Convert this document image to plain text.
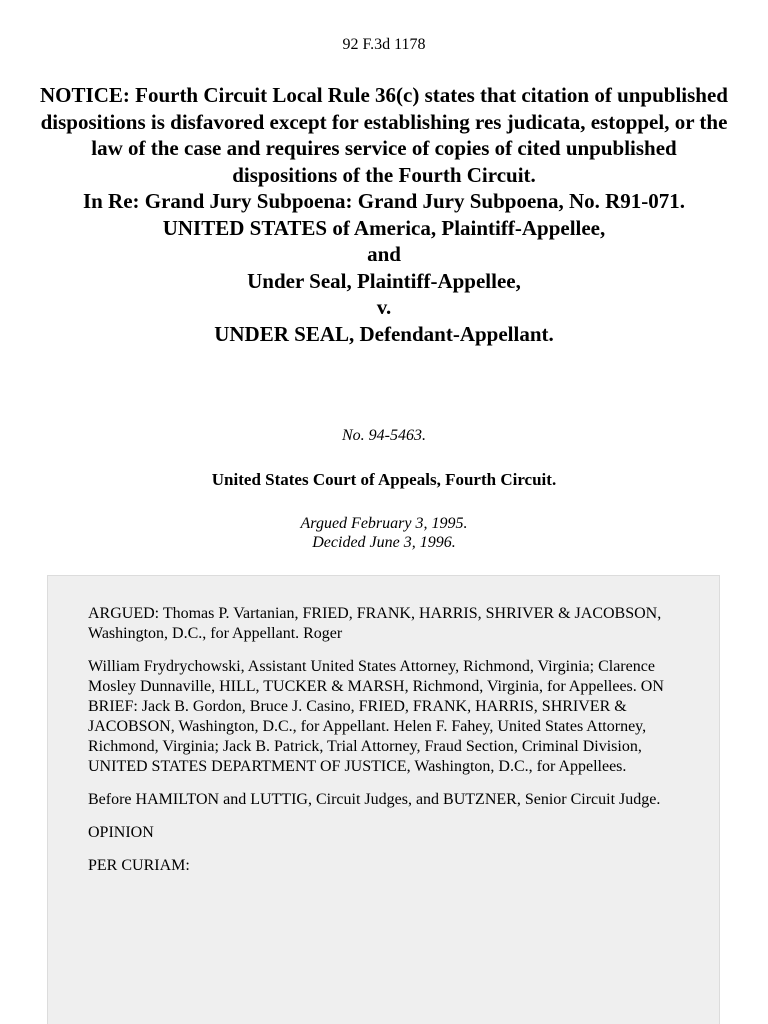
92 F.3d 1178
NOTICE: Fourth Circuit Local Rule 36(c) states that citation of unpublished dispositions is disfavored except for establishing res judicata, estoppel, or the law of the case and requires service of copies of cited unpublished dispositions of the Fourth Circuit.
In Re: Grand Jury Subpoena: Grand Jury Subpoena, No. R91-071.
UNITED STATES of America, Plaintiff-Appellee,
and
Under Seal, Plaintiff-Appellee,
v.
UNDER SEAL, Defendant-Appellant.
No. 94-5463.
United States Court of Appeals, Fourth Circuit.
Argued February 3, 1995.
Decided June 3, 1996.

ARGUED: Thomas P. Vartanian, FRIED, FRANK, HARRIS, SHRIVER & JACOBSON, Washington, D.C., for Appellant. Roger

William Frydrychowski, Assistant United States Attorney, Richmond, Virginia; Clarence Mosley Dunnaville, HILL, TUCKER & MARSH, Richmond, Virginia, for Appellees. ON BRIEF: Jack B. Gordon, Bruce J. Casino, FRIED, FRANK, HARRIS, SHRIVER & JACOBSON, Washington, D.C., for Appellant. Helen F. Fahey, United States Attorney, Richmond, Virginia; Jack B. Patrick, Trial Attorney, Fraud Section, Criminal Division, UNITED STATES DEPARTMENT OF JUSTICE, Washington, D.C., for Appellees.

Before HAMILTON and LUTTIG, Circuit Judges, and BUTZNER, Senior Circuit Judge.

OPINION

PER CURIAM:
